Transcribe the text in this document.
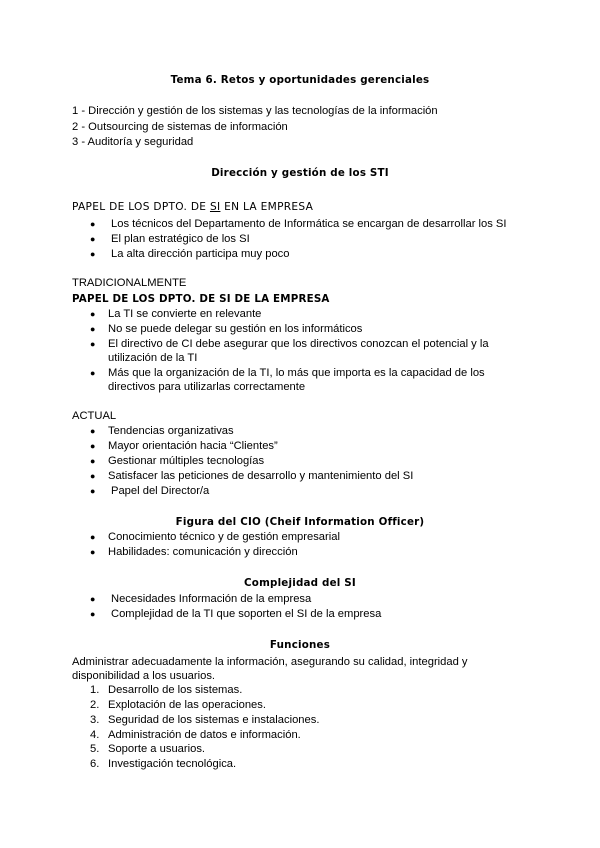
Tema 6. Retos y oportunidades gerenciales
1 - Dirección y gestión de los sistemas y las tecnologías de la información
2 - Outsourcing de sistemas de información
3 - Auditoría y seguridad
Dirección y gestión de los STI
PAPEL DE LOS DPTO. DE SI EN LA EMPRESA
● Los técnicos del Departamento de Informática se encargan de desarrollar los SI
● El plan estratégico de los SI
● La alta dirección participa muy poco
TRADICIONALMENTE
PAPEL DE LOS DPTO. DE SI DE LA EMPRESA
● La TI se convierte en relevante
● No se puede delegar su gestión en los informáticos
● El directivo de CI debe asegurar que los directivos conozcan el potencial y la
utilización de la TI
● Más que la organización de la TI, lo más que importa es la capacidad de los
directivos para utilizarlas correctamente
ACTUAL
● Tendencias organizativas
● Mayor orientación hacia “Clientes”
● Gestionar múltiples tecnologías
● Satisfacer las peticiones de desarrollo y mantenimiento del SI
● Papel del Director/a
Figura del CIO (Cheif Information Officer)
● Conocimiento técnico y de gestión empresarial
● Habilidades: comunicación y dirección
Complejidad del SI
● Necesidades Información de la empresa
● Complejidad de la TI que soporten el SI de la empresa
Funciones
Administrar adecuadamente la información, asegurando su calidad, integridad y
disponibilidad a los usuarios.
1. Desarrollo de los sistemas.
2. Explotación de las operaciones.
3. Seguridad de los sistemas e instalaciones.
4. Administración de datos e información.
5. Soporte a usuarios.
6. Investigación tecnológica.
